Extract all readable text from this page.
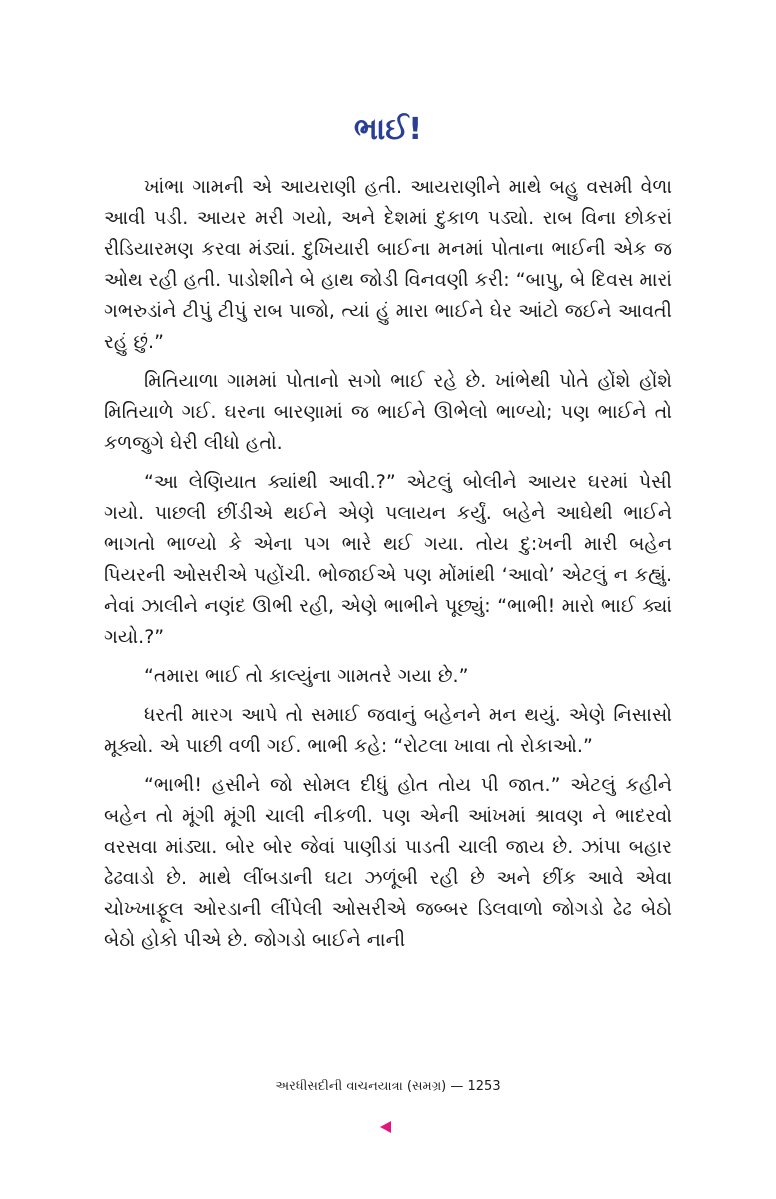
ભાઈ!

ખાંભા ગામની એ આયરાણી હતી. આયરાણીને માથે બહુ વસમી વેળા આવી પડી. આયર મરી ગયો, અને દેશમાં દુકાળ પડ્યો. રાબ વિના છોકરાં રીડિયારમણ કરવા મંડ્યાં. દુખિયારી બાઈના મનમાં પોતાના ભાઈની એક જ ઓથ રહી હતી. પાડોશીને બે હાથ જોડી વિનવણી કરી: “બાપુ, બે દિવસ મારાં ગભરુડાંને ટીપું ટીપું રાબ પાજો, ત્યાં હું મારા ભાઈને ઘેર આંટો જઈને આવતી રહું છું.”

મિતિયાળા ગામમાં પોતાનો સગો ભાઈ રહે છે. ખાંભેથી પોતે હોંશે હોંશે મિતિયાળે ગઈ. ઘરના બારણામાં જ ભાઈને ઊભેલો ભાળ્યો; પણ ભાઈને તો કળજુગે ઘેરી લીધો હતો.

“આ લેણિયાત ક્યાંથી આવી.?” એટલું બોલીને આયર ઘરમાં પેસી ગયો. પાછલી છીંડીએ થઈને એણે પલાયન કર્યું. બહેને આઘેથી ભાઈને ભાગતો ભાળ્યો કે એના પગ ભારે થઈ ગયા. તોય દુ:ખની મારી બહેન પિયરની ઓસરીએ પહોંચી. ભોજાઈએ પણ મોંમાંથી ‘આવો’ એટલું ન કહ્યું. નેવાં ઝાલીને નણંદ ઊભી રહી, એણે ભાભીને પૂછ્યું: “ભાભી! મારો ભાઈ ક્યાં ગયો.?”

“તમારા ભાઈ તો કાલ્યુંના ગામતરે ગયા છે.”

ધરતી મારગ આપે તો સમાઈ જવાનું બહેનને મન થયું. એણે નિસાસો મૂક્યો. એ પાછી વળી ગઈ. ભાભી કહે: “રોટલા ખાવા તો રોકાઓ.”

“ભાભી! હસીને જો સોમલ દીધું હોત તોય પી જાત.” એટલું કહીને બહેન તો મૂંગી મૂંગી ચાલી નીકળી. પણ એની આંખમાં શ્રાવણ ને ભાદરવો વરસવા માંડ્યા. બોર બોર જેવાં પાણીડાં પાડતી ચાલી જાય છે. ઝાંપા બહાર ઢેઢવાડો છે. માથે લીંબડાની ઘટા ઝળૂંબી રહી છે અને છીંક આવે એવા ચોખ્ખાફૂલ ઓરડાની લીંપેલી ઓસરીએ જબ્બર ડિલવાળો જોગડો ઢેઢ બેઠો બેઠો હોકો પીએ છે. જોગડો બાઈને નાની

અરધીસદીની વાચનયાત્રા (સમગ્ર) — 1253
